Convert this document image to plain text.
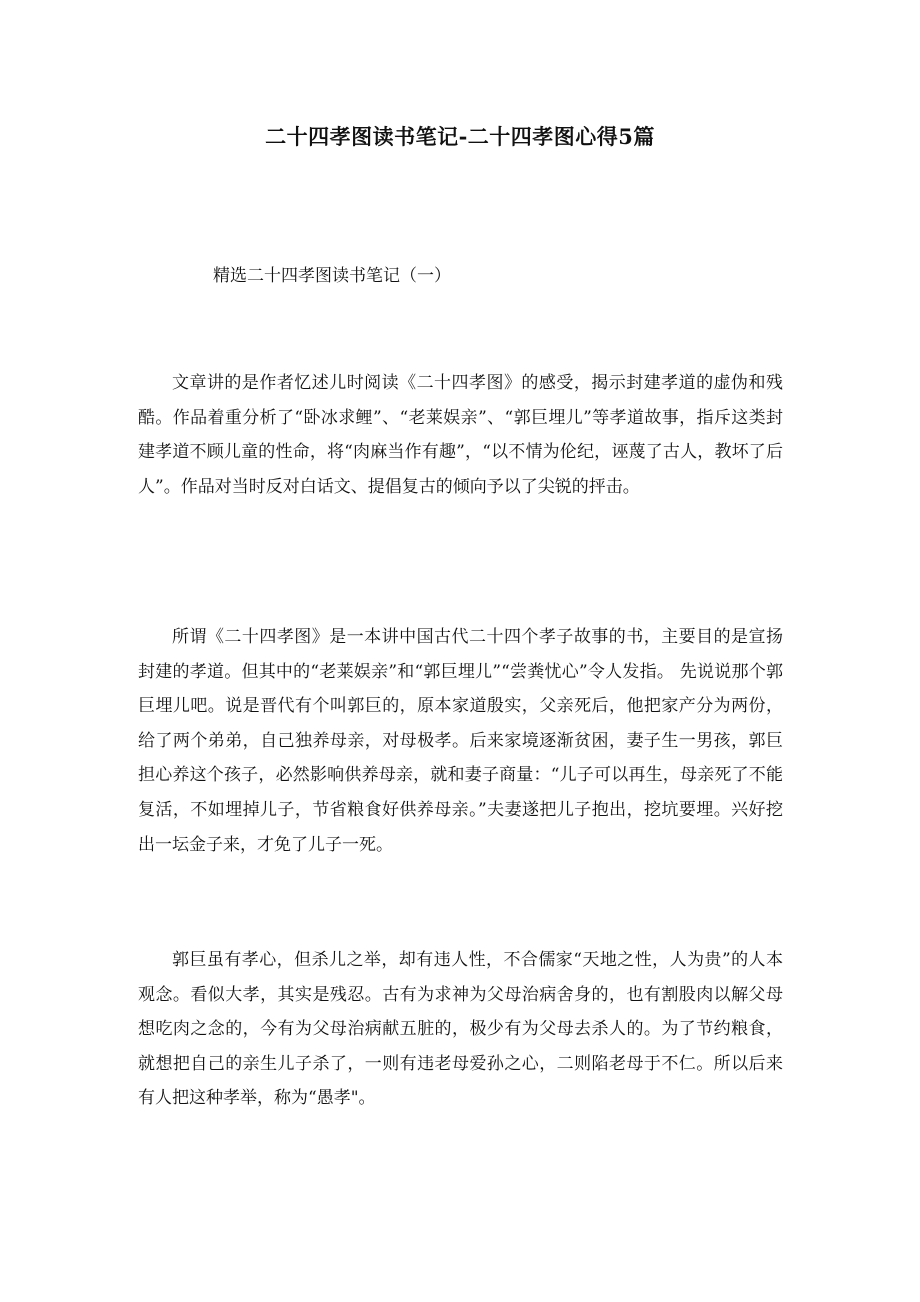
二十四孝图读书笔记-二十四孝图心得5篇
精选二十四孝图读书笔记（一）

文章讲的是作者忆述儿时阅读《二十四孝图》的感受，揭示封建孝道的虚伪和残酷。作品着重分析了“卧冰求鲤”、“老莱娱亲”、“郭巨埋儿”等孝道故事，指斥这类封建孝道不顾儿童的性命，将“肉麻当作有趣”，“以不情为伦纪，诬蔑了古人，教坏了后人”。作品对当时反对白话文、提倡复古的倾向予以了尖锐的抨击。

所谓《二十四孝图》是一本讲中国古代二十四个孝子故事的书，主要目的是宣扬封建的孝道。但其中的“老莱娱亲”和“郭巨埋儿”“尝粪忧心”令人发指。 先说说那个郭巨埋儿吧。说是晋代有个叫郭巨的，原本家道殷实，父亲死后，他把家产分为两份，给了两个弟弟，自己独养母亲，对母极孝。后来家境逐渐贫困，妻子生一男孩，郭巨担心养这个孩子，必然影响供养母亲，就和妻子商量：“儿子可以再生，母亲死了不能复活，不如埋掉儿子，节省粮食好供养母亲。”夫妻遂把儿子抱出，挖坑要埋。兴好挖出一坛金子来，才免了儿子一死。

郭巨虽有孝心，但杀儿之举，却有违人性，不合儒家“天地之性，人为贵”的人本观念。看似大孝，其实是残忍。古有为求神为父母治病舍身的，也有割股肉以解父母想吃肉之念的，今有为父母治病献五脏的，极少有为父母去杀人的。为了节约粮食，就想把自己的亲生儿子杀了，一则有违老母爱孙之心，二则陷老母于不仁。所以后来有人把这种孝举，称为“愚孝"。
